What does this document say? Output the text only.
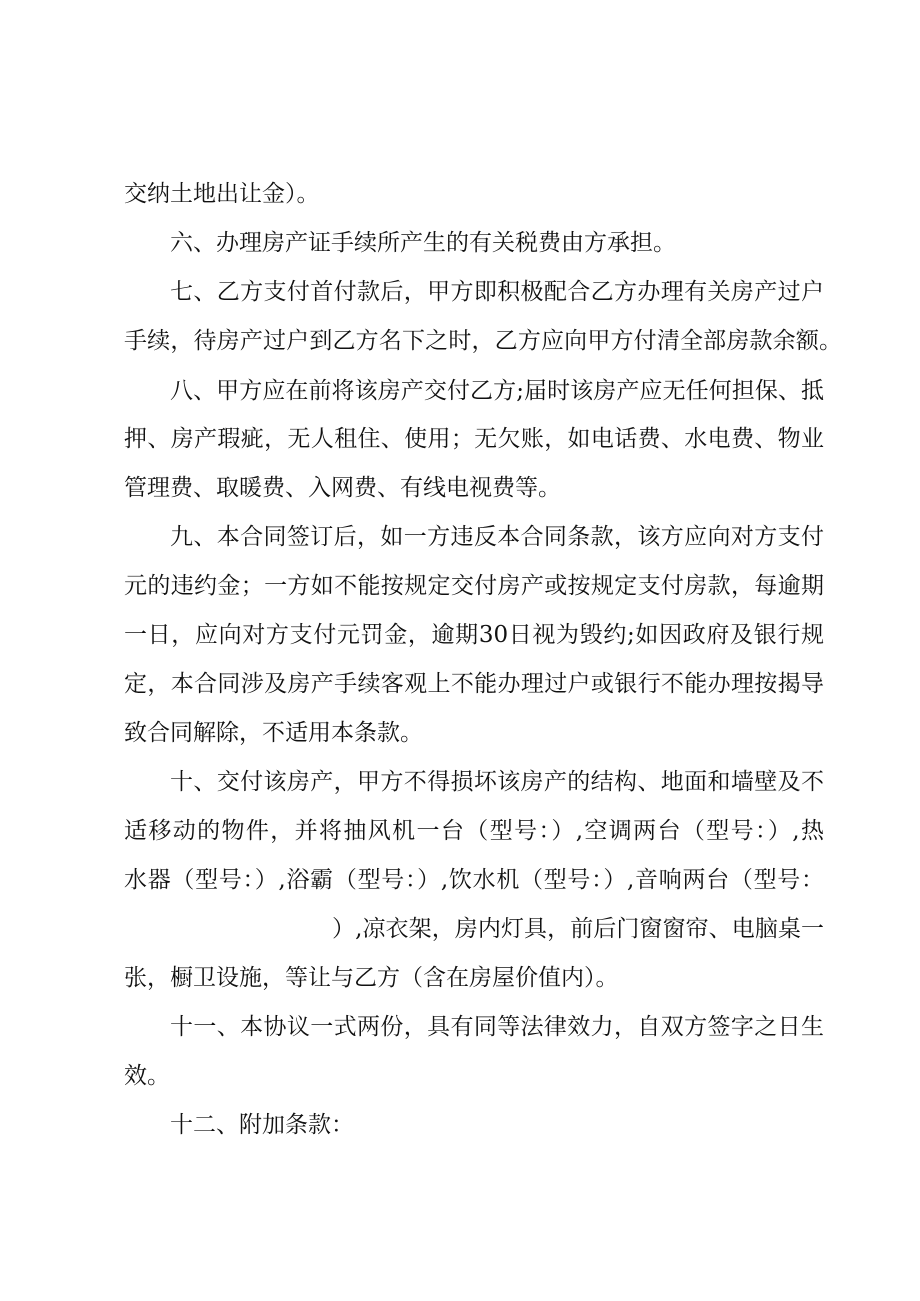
交纳土地出让金）。
六、办理房产证手续所产生的有关税费由方承担。
七、乙方支付首付款后，甲方即积极配合乙方办理有关房产过户
手续，待房产过户到乙方名下之时，乙方应向甲方付清全部房款余额。
八、甲方应在前将该房产交付乙方;届时该房产应无任何担保、抵
押、房产瑕疵，无人租住、使用；无欠账，如电话费、水电费、物业
管理费、取暖费、入网费、有线电视费等。
九、本合同签订后，如一方违反本合同条款，该方应向对方支付
元的违约金；一方如不能按规定交付房产或按规定支付房款，每逾期
一日，应向对方支付元罚金，逾期30日视为毁约;如因政府及银行规
定，本合同涉及房产手续客观上不能办理过户或银行不能办理按揭导
致合同解除，不适用本条款。
十、交付该房产，甲方不得损坏该房产的结构、地面和墙壁及不
适移动的物件，并将抽风机一台（型号：）,空调两台（型号：）,热
水器（型号：）,浴霸（型号：）,饮水机（型号：）,音响两台（型号：
）,凉衣架，房内灯具，前后门窗窗帘、电脑桌一
张，橱卫设施，等让与乙方（含在房屋价值内）。
十一、本协议一式两份，具有同等法律效力，自双方签字之日生
效。
十二、附加条款：
